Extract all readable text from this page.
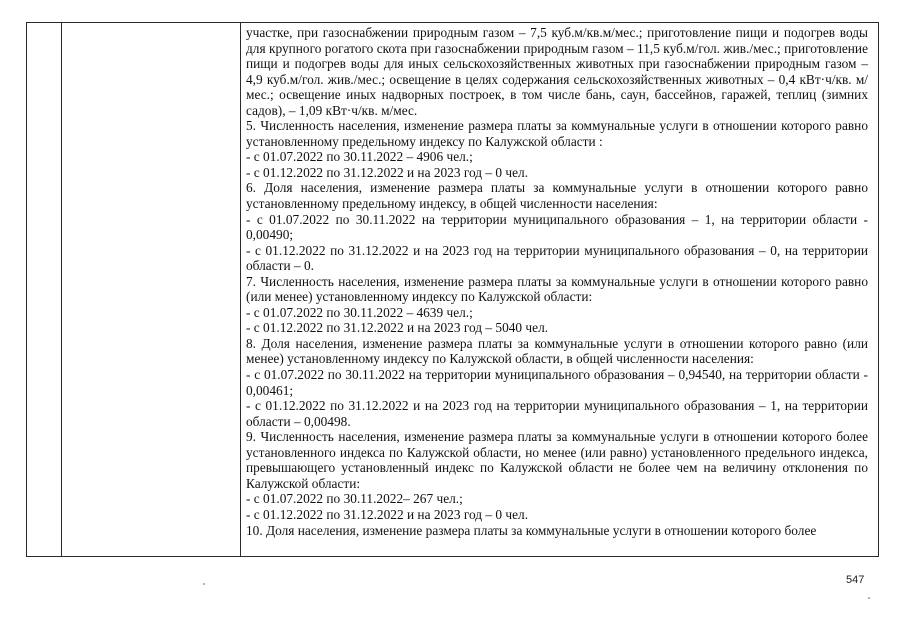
участке, при газоснабжении природным газом – 7,5 куб.м/кв.м/мес.; приготовление пищи и подогрев воды для крупного рогатого скота при газоснабжении природным газом – 11,5 куб.м/гол. жив./мес.; приготовление пищи и подогрев воды для иных сельскохозяйственных животных при газоснабжении природным газом – 4,9 куб.м/гол. жив./мес.; освещение в целях содержания сельскохозяйственных животных – 0,4 кВт·ч/кв. м/мес.; освещение иных надворных построек, в том числе бань, саун, бассейнов, гаражей, теплиц (зимних садов), – 1,09 кВт·ч/кв. м/мес.

5. Численность населения, изменение размера платы за коммунальные услуги в отношении которого равно установленному предельному индексу по Калужской области :

- с 01.07.2022 по 30.11.2022 – 4906 чел.;

- с 01.12.2022 по 31.12.2022 и на 2023 год – 0 чел.

6. Доля населения, изменение размера платы за коммунальные услуги в отношении которого равно установленному предельному индексу, в общей численности населения:

- с 01.07.2022 по 30.11.2022 на территории муниципального образования – 1, на территории области - 0,00490;

- с 01.12.2022 по 31.12.2022 и на 2023 год на территории муниципального образования – 0, на территории области – 0.

7. Численность населения, изменение размера платы за коммунальные услуги в отношении которого равно (или менее) установленному индексу по Калужской области:

- с 01.07.2022 по 30.11.2022 – 4639 чел.;

- с 01.12.2022 по 31.12.2022 и на 2023 год – 5040 чел.

8. Доля населения, изменение размера платы за коммунальные услуги в отношении которого равно (или менее) установленному индексу по Калужской области, в общей численности населения:

- с 01.07.2022 по 30.11.2022 на территории муниципального образования – 0,94540, на территории области - 0,00461;

- с 01.12.2022 по 31.12.2022 и на 2023 год на территории муниципального образования – 1, на территории области – 0,00498.

9. Численность населения, изменение размера платы за коммунальные услуги в отношении которого более установленного индекса по Калужской области, но менее (или равно) установленного предельного индекса, превышающего установленный индекс по Калужской области не более чем на величину отклонения по Калужской области:

- с 01.07.2022 по 30.11.2022– 267 чел.;

- с 01.12.2022 по 31.12.2022 и на 2023 год – 0 чел.

10. Доля населения, изменение размера платы за коммунальные услуги в отношении которого более

547
